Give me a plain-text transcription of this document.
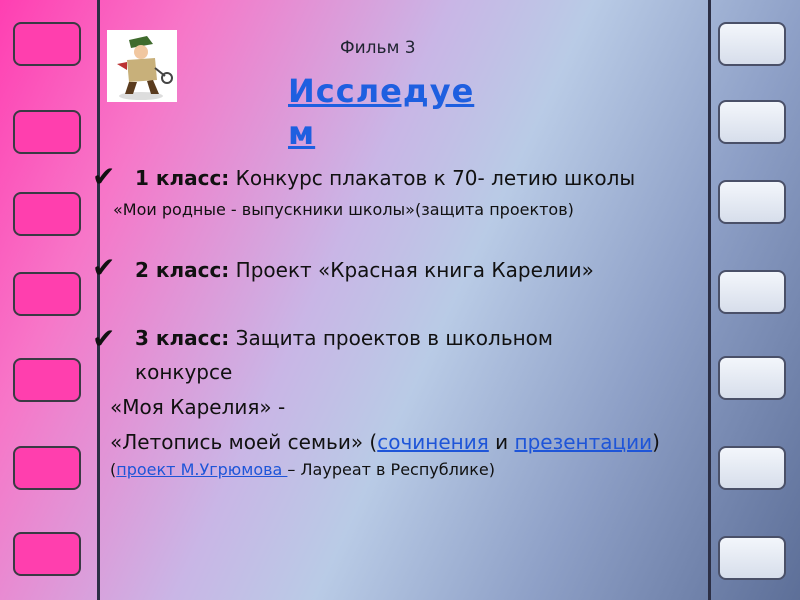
Фильм 3
Исследуем
✔ 1 класс: Конкурс плакатов к 70- летию школы
«Мои родные - выпускники школы»(защита проектов)
✔ 2 класс: Проект «Красная книга Карелии»
✔ 3 класс: Защита проектов в школьном
конкурсе
«Моя Карелия» -
«Летопись моей семьи» (сочинения и презентации)
(проект М.Угрюмова – Лауреат в Республике)
